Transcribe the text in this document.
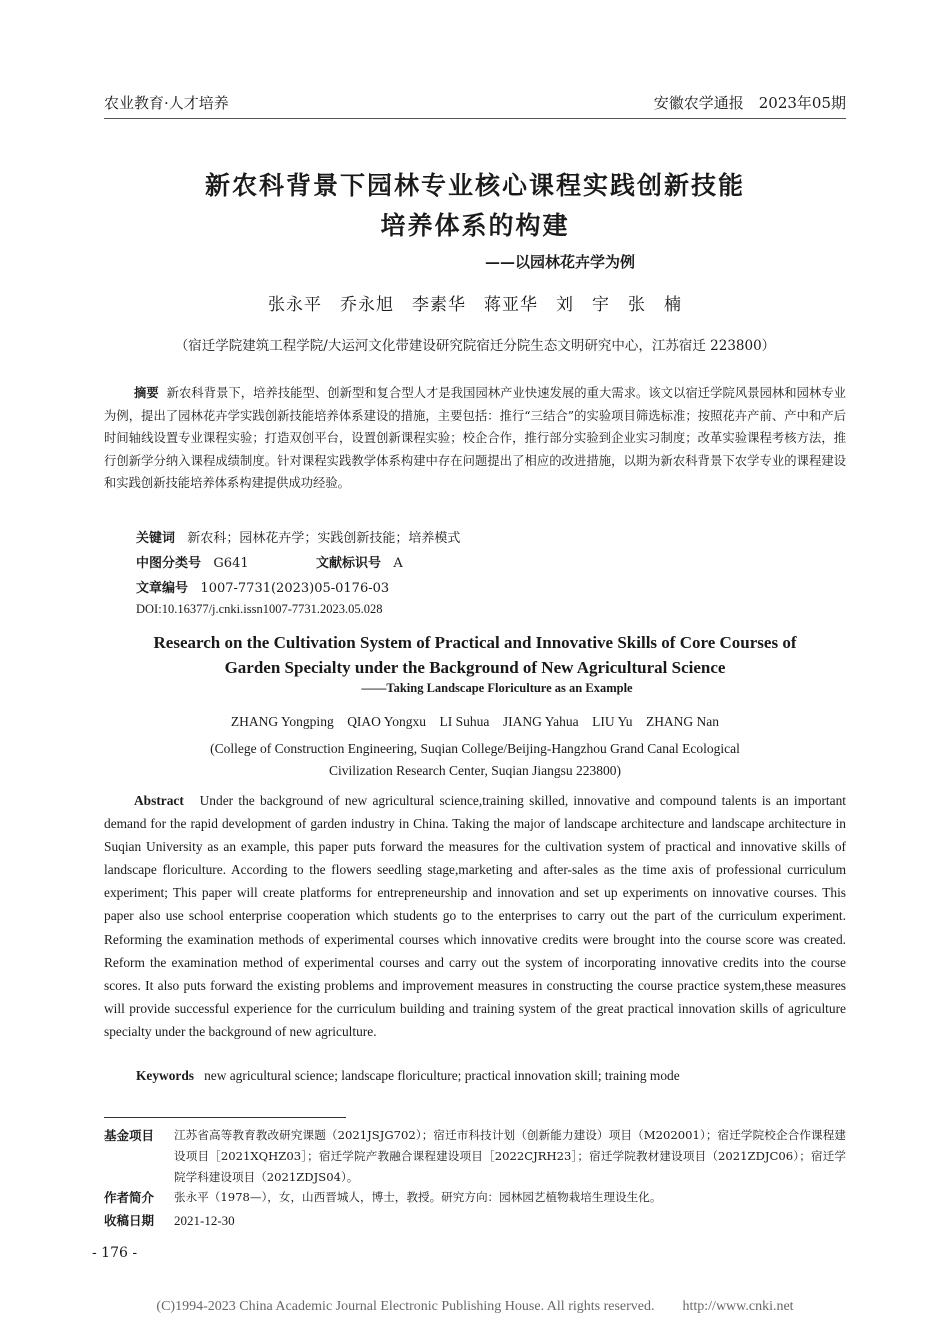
农业教育·人才培养	安徽农学通报　2023年05期
新农科背景下园林专业核心课程实践创新技能
培养体系的构建
——以园林花卉学为例
张永平　乔永旭　李素华　蒋亚华　刘　宇　张　楠
（宿迁学院建筑工程学院/大运河文化带建设研究院宿迁分院生态文明研究中心，江苏宿迁 223800）
摘要 新农科背景下，培养技能型、创新型和复合型人才是我国园林产业快速发展的重大需求。该文以宿迁学院风景园林和园林专业为例，提出了园林花卉学实践创新技能培养体系建设的措施，主要包括：推行“三结合”的实验项目筛选标准；按照花卉产前、产中和产后时间轴线设置专业课程实验；打造双创平台，设置创新课程实验；校企合作，推行部分实验到企业实习制度；改革实验课程考核方法，推行创新学分纳入课程成绩制度。针对课程实践教学体系构建中存在问题提出了相应的改进措施，以期为新农科背景下农学专业的课程建设和实践创新技能培养体系构建提供成功经验。
关键词 新农科；园林花卉学；实践创新技能；培养模式
中图分类号 G641	文献标识号 A
文章编号 1007-7731(2023)05-0176-03
DOI:10.16377/j.cnki.issn1007-7731.2023.05.028
Research on the Cultivation System of Practical and Innovative Skills of Core Courses of
Garden Specialty under the Background of New Agricultural Science
——Taking Landscape Floriculture as an Example
ZHANG Yongping　QIAO Yongxu　LI Suhua　JIANG Yahua　LIU Yu　ZHANG Nan
(College of Construction Engineering, Suqian College/Beijing-Hangzhou Grand Canal Ecological
Civilization Research Center, Suqian Jiangsu 223800)
Abstract Under the background of new agricultural science,training skilled, innovative and compound talents is an important demand for the rapid development of garden industry in China. Taking the major of landscape architecture and landscape architecture in Suqian University as an example, this paper puts forward the measures for the cultivation system of practical and innovative skills of landscape floriculture. According to the flowers seedling stage,marketing and after-sales as the time axis of professional curriculum experiment; This paper will create platforms for entrepreneurship and innovation and set up experiments on innovative courses. This paper also use school enterprise cooperation which students go to the enterprises to carry out the part of the curriculum experiment. Reforming the examination methods of experimental courses which innovative credits were brought into the course score was created. Reform the examination method of experimental courses and carry out the system of incorporating innovative credits into the course scores. It also puts forward the existing problems and improvement measures in constructing the course practice system,these measures will provide successful experience for the curriculum building and training system of the great practical innovation skills of agriculture specialty under the background of new agriculture.
Keywords new agricultural science; landscape floriculture; practical innovation skill; training mode
基金项目	江苏省高等教育教改研究课题（2021JSJG702）；宿迁市科技计划（创新能力建设）项目（M202001）；宿迁学院校企合作课程建设项目［2021XQHZ03］；宿迁学院产教融合课程建设项目［2022CJRH23］；宿迁学院教材建设项目（2021ZDJC06）；宿迁学院学科建设项目（2021ZDJS04）。
作者简介	张永平（1978—），女，山西晋城人，博士，教授。研究方向：园林园艺植物栽培生理设生化。
收稿日期	2021-12-30
- 176 -
(C)1994-2023 China Academic Journal Electronic Publishing House. All rights reserved.　　http://www.cnki.net
